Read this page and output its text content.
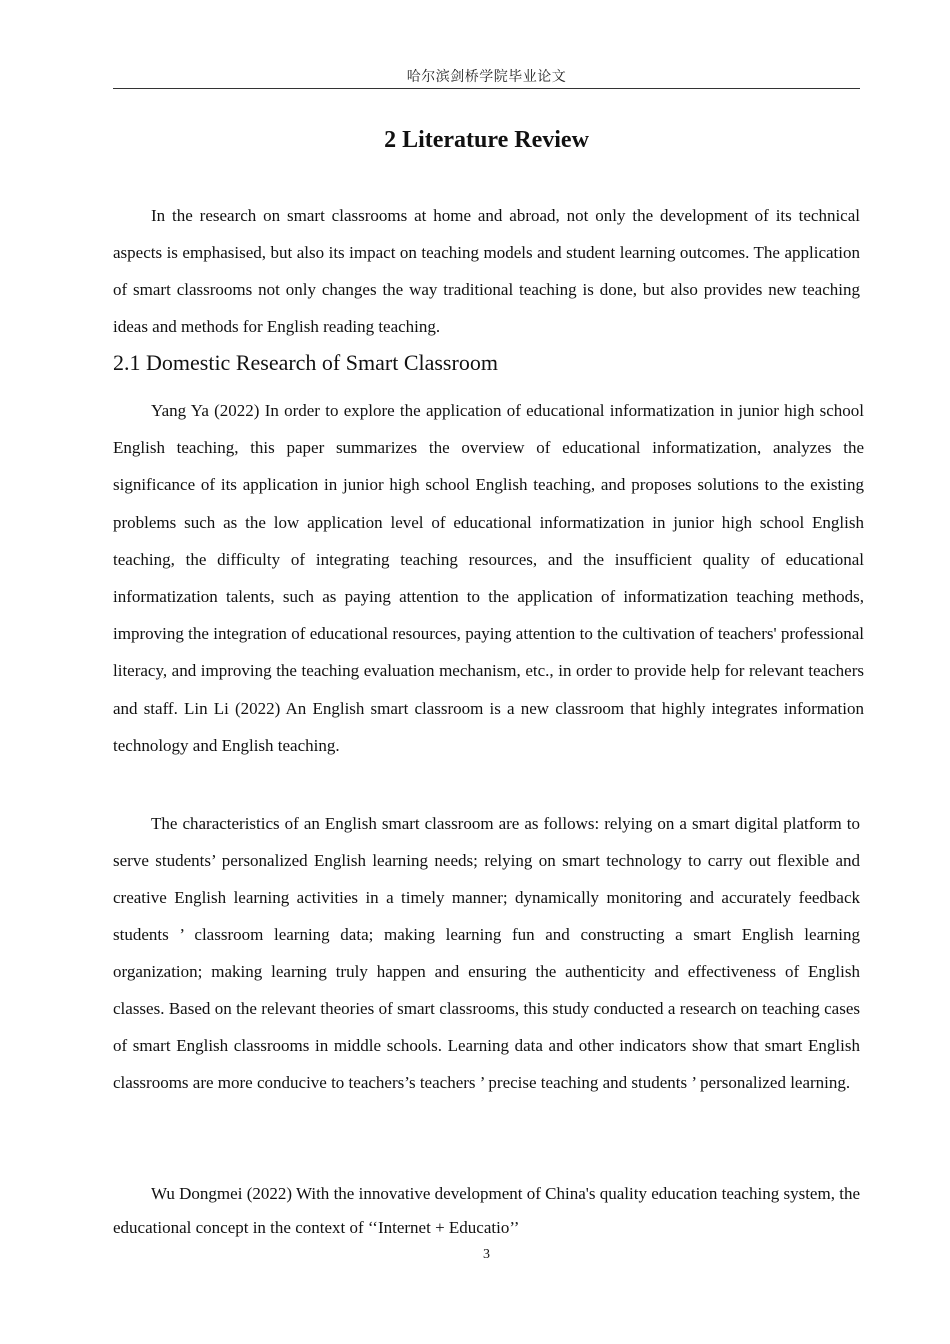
哈尔滨剑桥学院毕业论文
2 Literature Review

In the research on smart classrooms at home and abroad, not only the development of its technical aspects is emphasised, but also its impact on teaching models and student learning outcomes. The application of smart classrooms not only changes the way traditional teaching is done, but also provides new teaching ideas and methods for English reading teaching.

2.1 Domestic Research of Smart Classroom

Yang Ya (2022) In order to explore the application of educational informatization in junior high school English teaching, this paper summarizes the overview of educational informatization, analyzes the significance of its application in junior high school English teaching, and proposes solutions to the existing problems such as the low application level of educational informatization in junior high school English teaching, the difficulty of integrating teaching resources, and the insufficient quality of educational informatization talents, such as paying attention to the application of informatization teaching methods, improving the integration of educational resources, paying attention to the cultivation of teachers' professional literacy, and improving the teaching evaluation mechanism, etc., in order to provide help for relevant teachers and staff. Lin Li (2022) An English smart classroom is a new classroom that highly integrates information technology and English teaching.

The characteristics of an English smart classroom are as follows: relying on a smart digital platform to serve students’ personalized English learning needs; relying on smart technology to carry out flexible and creative English learning activities in a timely manner; dynamically monitoring and accurately feedback students ’ classroom learning data; making learning fun and constructing a smart English learning organization; making learning truly happen and ensuring the authenticity and effectiveness of English classes. Based on the relevant theories of smart classrooms, this study conducted a research on teaching cases of smart English classrooms in middle schools. Learning data and other indicators show that smart English classrooms are more conducive to teachers’s teachers ’ precise teaching and students ’ personalized learning.

Wu Dongmei (2022) With the innovative development of China's quality education teaching system, the educational concept in the context of ‘‘Internet + Educatio’’

3
